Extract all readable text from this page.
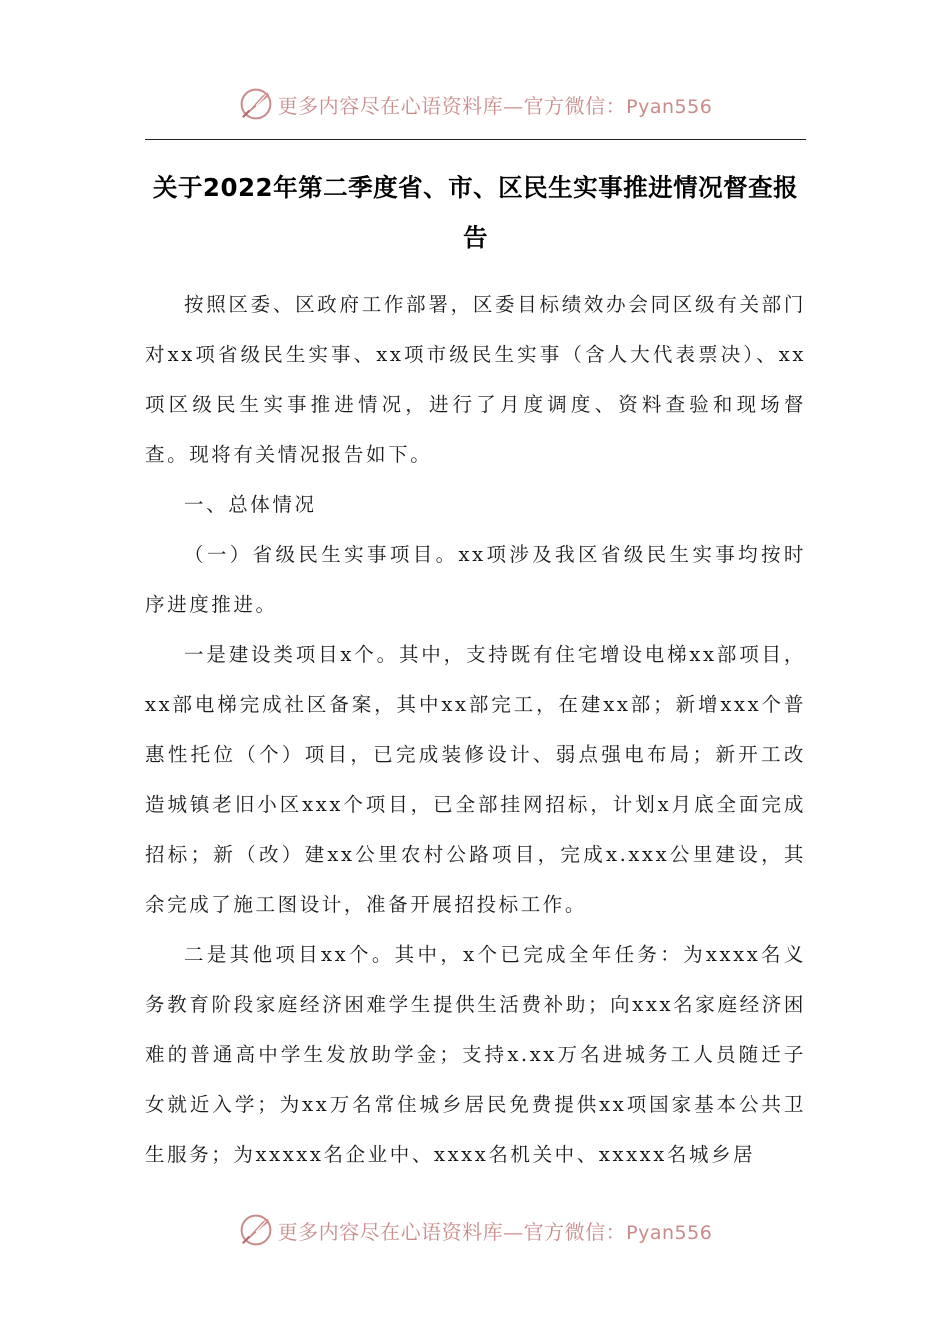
更多内容尽在心语资料库—官方微信：Pyan556
关于2022年第二季度省、市、区民生实事推进情况督查报告

按照区委、区政府工作部署，区委目标绩效办会同区级有关部门对xx项省级民生实事、xx项市级民生实事（含人大代表票决）、xx项区级民生实事推进情况，进行了月度调度、资料查验和现场督查。现将有关情况报告如下。

一、总体情况

（一）省级民生实事项目。xx项涉及我区省级民生实事均按时序进度推进。

一是建设类项目x个。其中，支持既有住宅增设电梯xx部项目，xx部电梯完成社区备案，其中xx部完工，在建xx部；新增xxx个普惠性托位（个）项目，已完成装修设计、弱点强电布局；新开工改造城镇老旧小区xxx个项目，已全部挂网招标，计划x月底全面完成招标；新（改）建xx公里农村公路项目，完成x.xxx公里建设，其余完成了施工图设计，准备开展招投标工作。

二是其他项目xx个。其中，x个已完成全年任务：为xxxx名义务教育阶段家庭经济困难学生提供生活费补助；向xxx名家庭经济困难的普通高中学生发放助学金；支持x.xx万名进城务工人员随迁子女就近入学；为xx万名常住城乡居民免费提供xx项国家基本公共卫生服务；为xxxxx名企业中、xxxx名机关中、xxxxx名城乡居

更多内容尽在心语资料库—官方微信：Pyan556
